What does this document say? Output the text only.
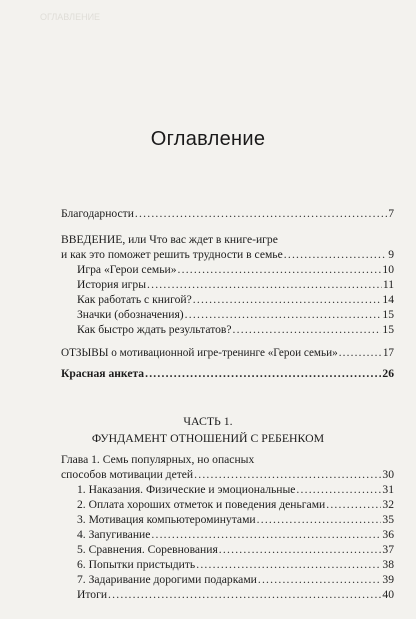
ОГЛАВЛЕНИЕ
Оглавление
Благодарности .....	7
ВВЕДЕНИЕ, или Что вас ждет в книге-игре
и как это поможет решить трудности в семье .....	9
Игра «Герои семьи» .....	10
История игры .....	11
Как работать с книгой? .....	14
Значки (обозначения) .....	15
Как быстро ждать результатов? .....	15
ОТЗЫВЫ о мотивационной игре-тренинге «Герои семьи» .....	17
Красная анкета .....	26
ЧАСТЬ 1.
ФУНДАМЕНТ ОТНОШЕНИЙ С РЕБЕНКОМ
Глава 1. Семь популярных, но опасных
способов мотивации детей .....	30
1. Наказания. Физические и эмоциональные .....	31
2. Оплата хороших отметок и поведения деньгами .....	32
3. Мотивация компьютероминутами .....	35
4. Запугивание .....	36
5. Сравнения. Соревнования .....	37
6. Попытки пристыдить .....	38
7. Задаривание дорогими подарками .....	39
Итоги .....	40
